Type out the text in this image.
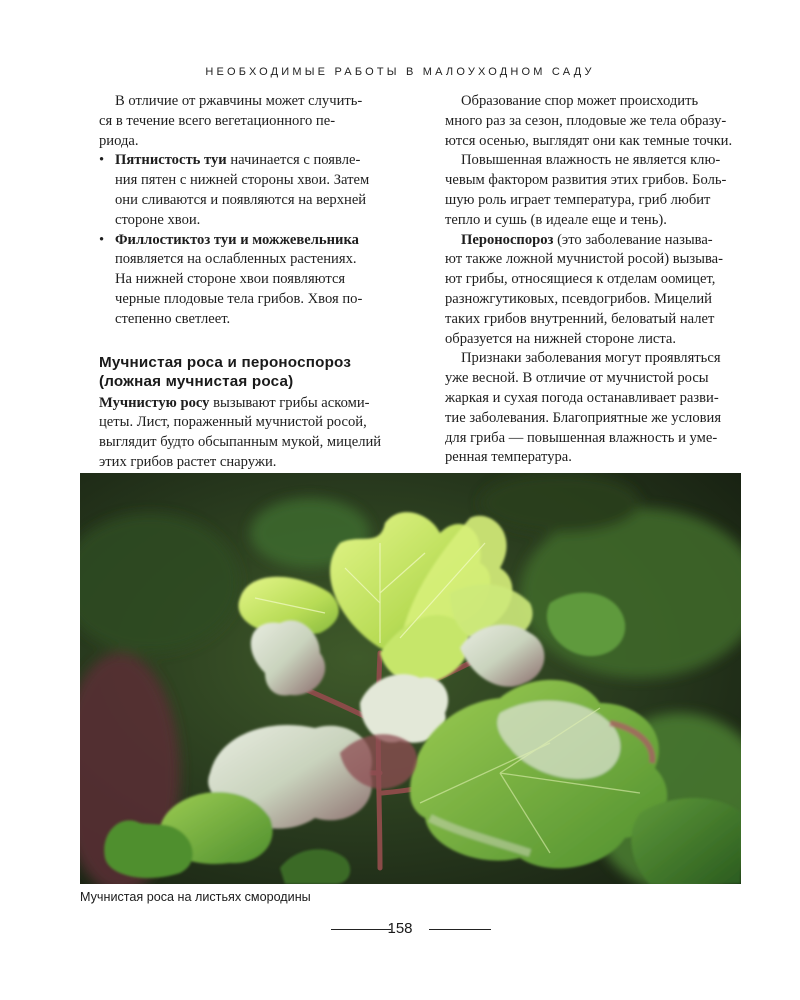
НЕОБХОДИМЫЕ РАБОТЫ В МАЛОУХОДНОМ САДУ

В отличие от ржавчины может случить-
ся в течение всего вегетационного пе-
риода.

• Пятнистость туи начинается с появле-
ния пятен с нижней стороны хвои. Затем
они сливаются и появляются на верхней
стороне хвои.

• Филлостиктоз туи и можжевельника
появляется на ослабленных растениях.
На нижней стороне хвои появляются
черные плодовые тела грибов. Хвоя по-
степенно светлеет.

Мучнистая роса и пероноспороз
(ложная мучнистая роса)

Мучнистую росу вызывают грибы аскоми-
цеты. Лист, пораженный мучнистой росой,
выглядит будто обсыпанным мукой, мицелий
этих грибов растет снаружи.

Образование спор может происходить
много раз за сезон, плодовые же тела образу-
ются осенью, выглядят они как темные точки.

Повышенная влажность не является клю-
чевым фактором развития этих грибов. Боль-
шую роль играет температура, гриб любит
тепло и сушь (в идеале еще и тень).

Пероноспороз (это заболевание называ-
ют также ложной мучнистой росой) вызыва-
ют грибы, относящиеся к отделам оомицет,
разножгутиковых, псевдогрибов. Мицелий
таких грибов внутренний, беловатый налет
образуется на нижней стороне листа.

Признаки заболевания могут проявляться
уже весной. В отличие от мучнистой росы
жаркая и сухая погода останавливает разви-
тие заболевания. Благоприятные же условия
для гриба — повышенная влажность и уме-
ренная температура.

Мучнистая роса на листьях смородины
158
